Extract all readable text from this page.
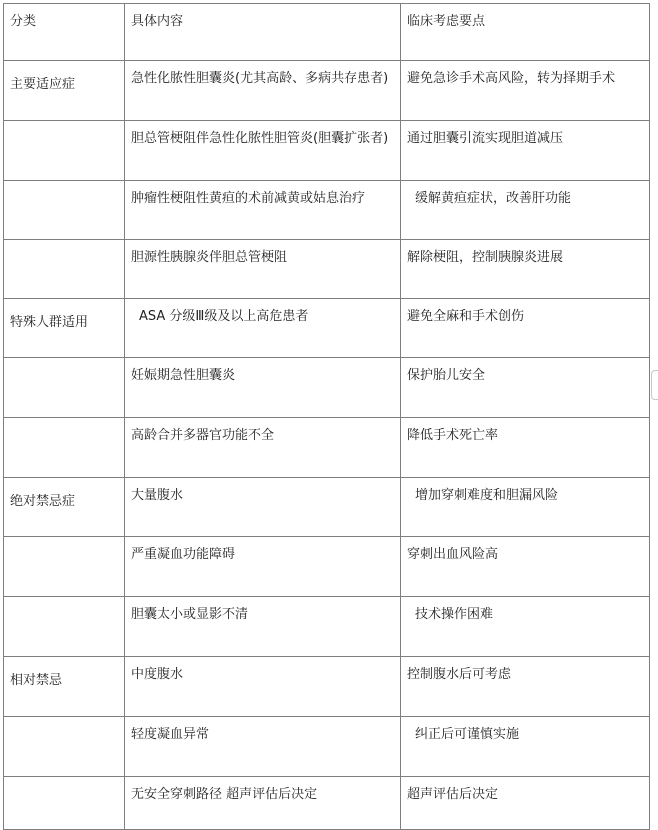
分类	具体内容	临床考虑要点

主要适应症	急性化脓性胆囊炎(尤其高龄、多病共存患者)	避免急诊手术高风险，转为择期手术

	胆总管梗阻伴急性化脓性胆管炎(胆囊扩张者)	通过胆囊引流实现胆道减压

	肿瘤性梗阻性黄疸的术前减黄或姑息治疗	缓解黄疸症状，改善肝功能

	胆源性胰腺炎伴胆总管梗阻	解除梗阻，控制胰腺炎进展

特殊人群适用	ASA 分级Ⅲ级及以上高危患者	避免全麻和手术创伤

	妊娠期急性胆囊炎	保护胎儿安全

	高龄合并多器官功能不全	降低手术死亡率

绝对禁忌症	大量腹水	增加穿刺难度和胆漏风险

	严重凝血功能障碍	穿刺出血风险高

	胆囊太小或显影不清	技术操作困难

相对禁忌	中度腹水	控制腹水后可考虑

	轻度凝血异常	纠正后可谨慎实施

	无安全穿刺路径 超声评估后决定	超声评估后决定
